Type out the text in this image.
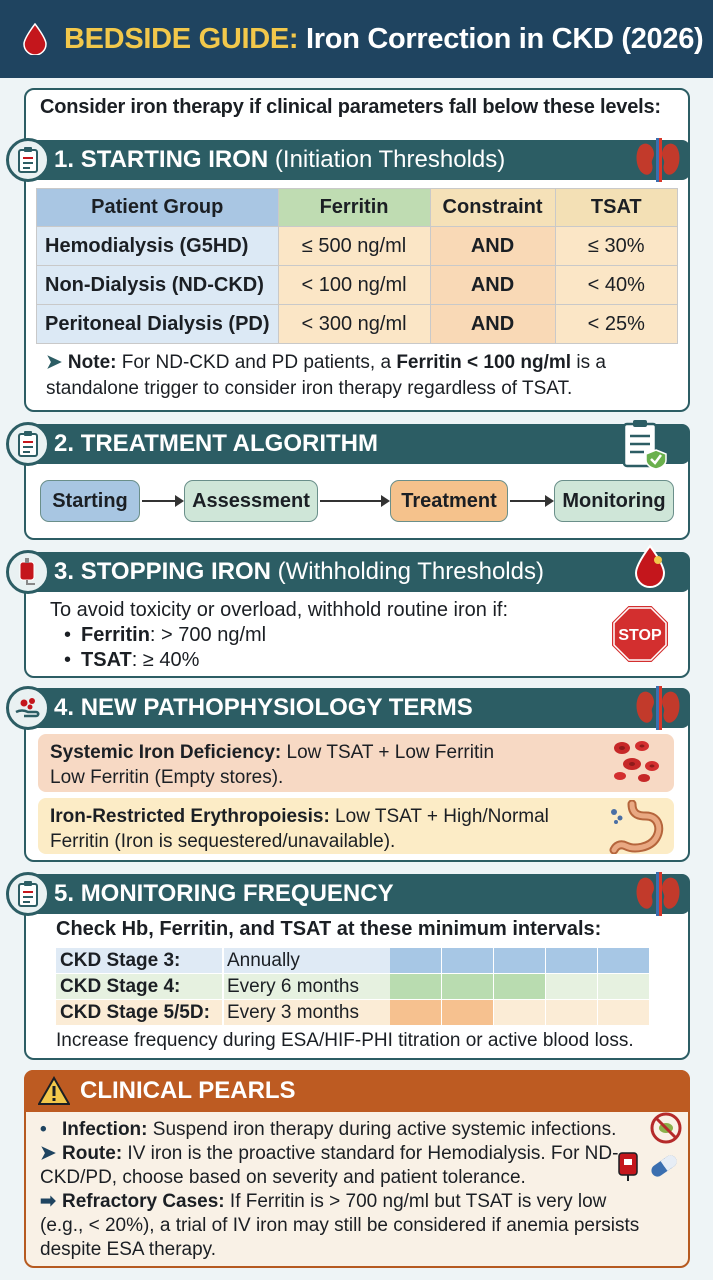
BEDSIDE GUIDE: Iron Correction in CKD (2026)
Consider iron therapy if clinical parameters fall below these levels:
1. STARTING IRON (Initiation Thresholds)
Patient Group	Ferritin	Constraint	TSAT
Hemodialysis (G5HD)	≤ 500 ng/ml	AND	≤ 30%
Non-Dialysis (ND-CKD)	< 100 ng/ml	AND	< 40%
Peritoneal Dialysis (PD)	< 300 ng/ml	AND	< 25%
➤ Note: For ND-CKD and PD patients, a Ferritin < 100 ng/ml is a standalone trigger to consider iron therapy regardless of TSAT.
2. TREATMENT ALGORITHM
Starting	Assessment	Treatment	Monitoring
3. STOPPING IRON (Withholding Thresholds)
To avoid toxicity or overload, withhold routine iron if:
• Ferritin: > 700 ng/ml
• TSAT: ≥ 40%
STOP
4. NEW PATHOPHYSIOLOGY TERMS
Systemic Iron Deficiency: Low TSAT + Low Ferritin
Low Ferritin (Empty stores).
Iron-Restricted Erythropoiesis: Low TSAT + High/Normal
Ferritin (Iron is sequestered/unavailable).
5. MONITORING FREQUENCY
Check Hb, Ferritin, and TSAT at these minimum intervals:
CKD Stage 3:	Annually
CKD Stage 4:	Every 6 months
CKD Stage 5/5D: Every 3 months
Increase frequency during ESA/HIF-PHI titration or active blood loss.
CLINICAL PEARLS
• Infection: Suspend iron therapy during active systemic infections.
➤ Route: IV iron is the proactive standard for Hemodialysis. For ND-CKD/PD, choose based on severity and patient tolerance.
➡ Refractory Cases: If Ferritin is > 700 ng/ml but TSAT is very low (e.g., < 20%), a trial of IV iron may still be considered if anemia persists despite ESA therapy.
